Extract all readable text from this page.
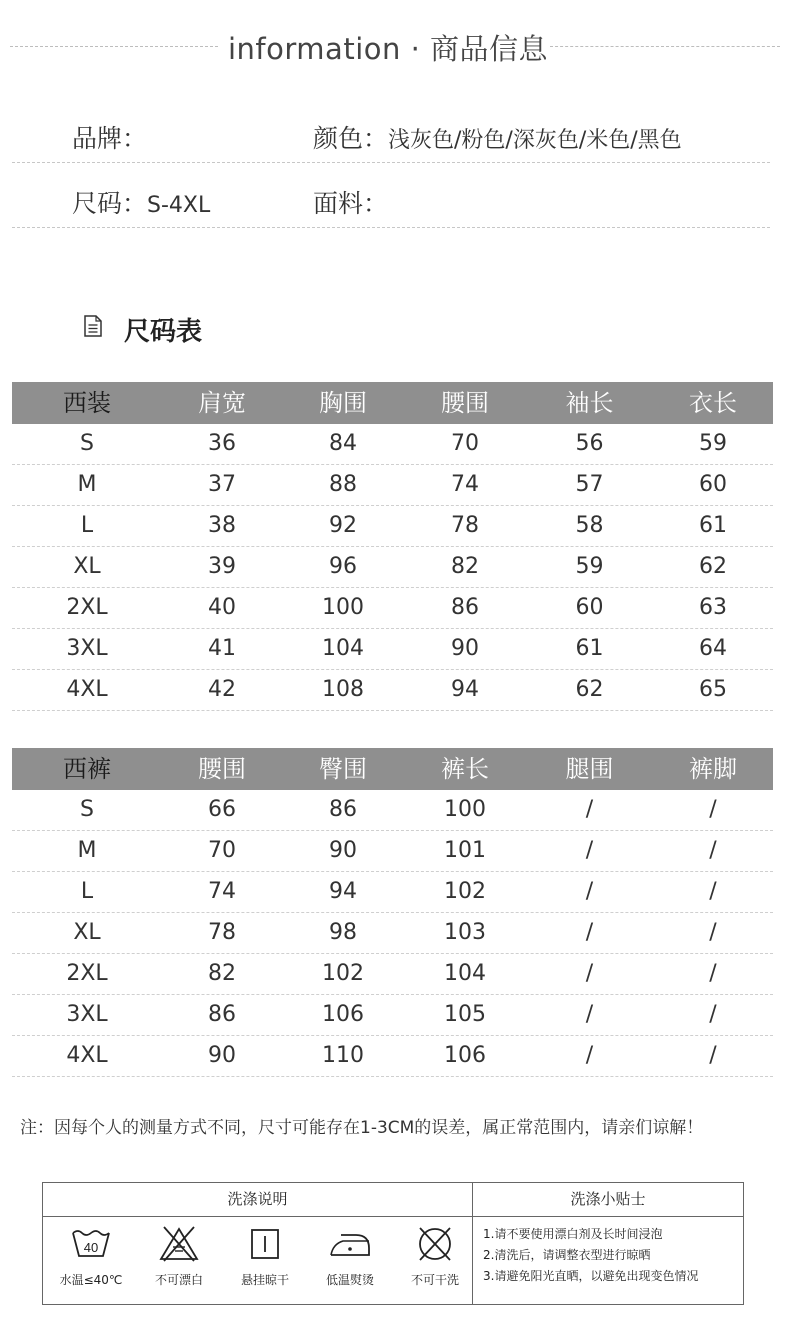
information · 商品信息
品牌：	颜色：浅灰色/粉色/深灰色/米色/黑色
尺码：S-4XL	面料：
尺码表
西装	肩宽	胸围	腰围	袖长	衣长
S	36	84	70	56	59
M	37	88	74	57	60
L	38	92	78	58	61
XL	39	96	82	59	62
2XL	40	100	86	60	63
3XL	41	104	90	61	64
4XL	42	108	94	62	65
西裤	腰围	臀围	裤长	腿围	裤脚
S	66	86	100	/	/
M	70	90	101	/	/
L	74	94	102	/	/
XL	78	98	103	/	/
2XL	82	102	104	/	/
3XL	86	106	105	/	/
4XL	90	110	106	/	/
注：因每个人的测量方式不同，尺寸可能存在1-3CM的误差，属正常范围内，请亲们谅解！
洗涤说明	洗涤小贴士
40
水温≤40℃	不可漂白	悬挂晾干	低温熨烫	不可干洗
1.请不要使用漂白剂及长时间浸泡
2.清洗后，请调整衣型进行晾晒
3.请避免阳光直晒，以避免出现变色情况
